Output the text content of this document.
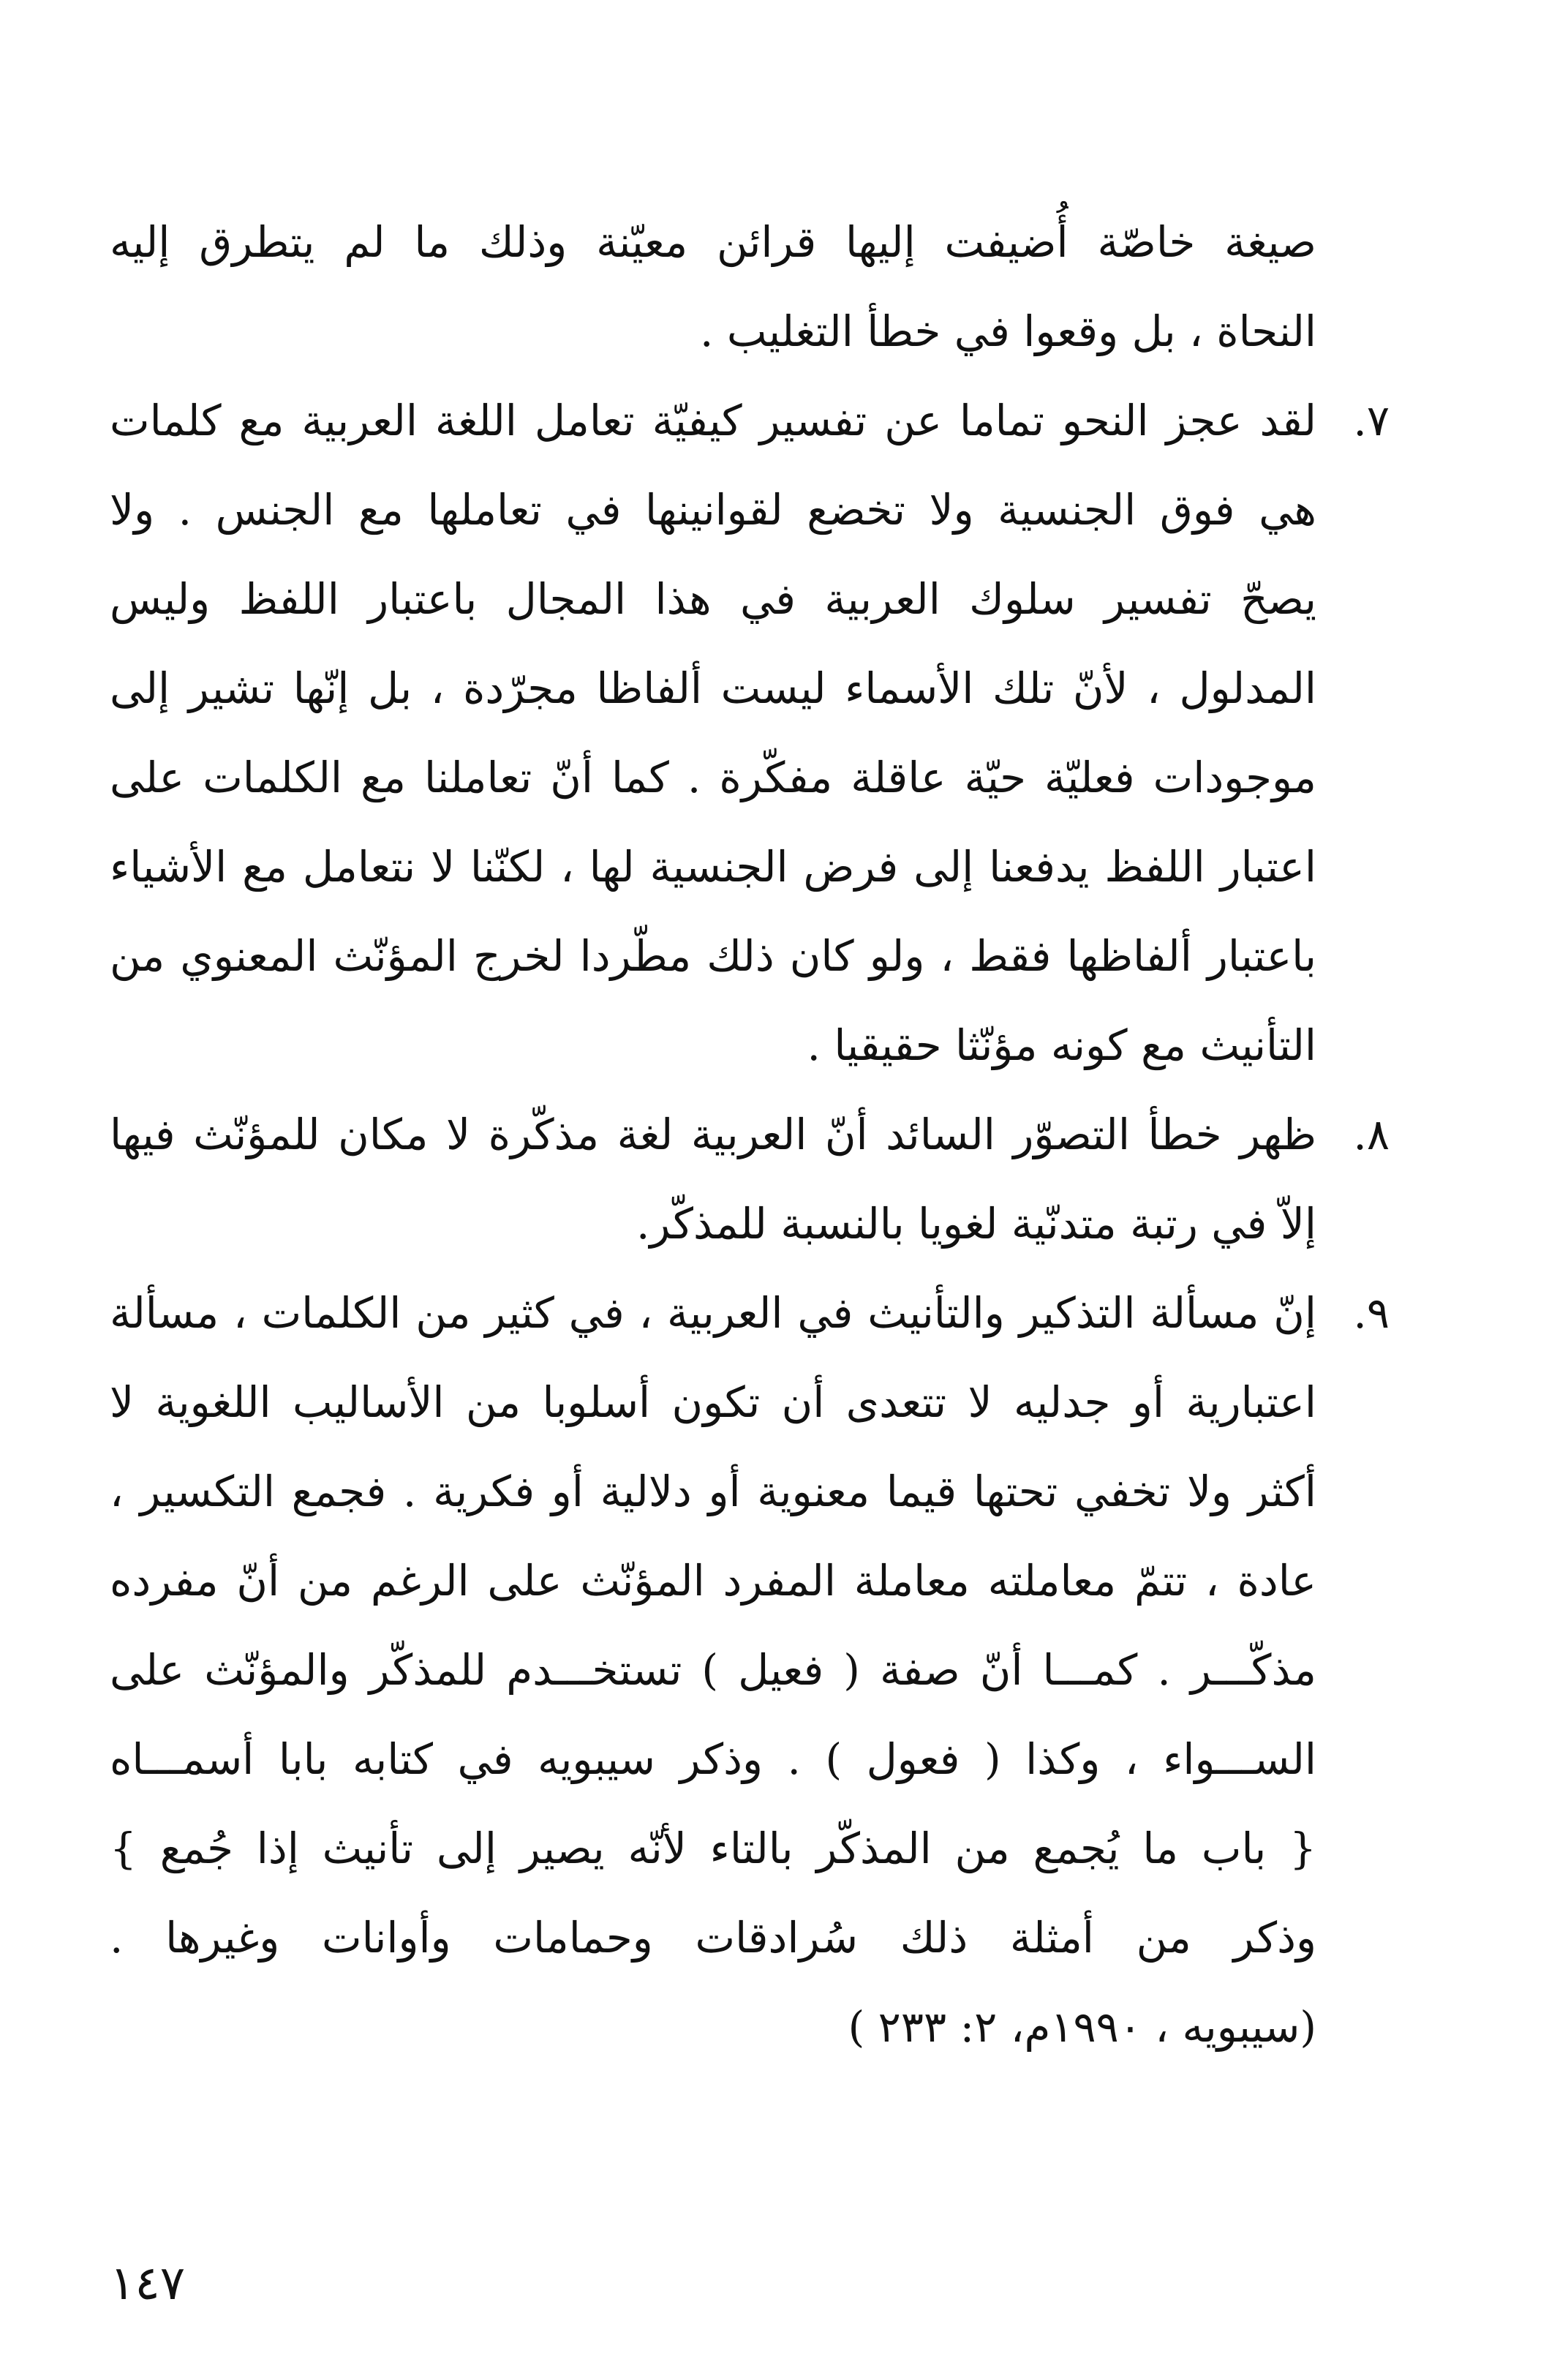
صيغة خاصّة أُضيفت إليها قرائن معيّنة وذلك ما لم يتطرق إليه
النحاة ، بل وقعوا في خطأ التغليب .
٧.
لقد عجز النحو تماما عن تفسير كيفيّة تعامل اللغة العربية مع كلمات
هي فوق الجنسية ولا تخضع لقوانينها في تعاملها مع الجنس . ولا
يصحّ تفسير سلوك العربية في هذا المجال باعتبار اللفظ وليس
المدلول ، لأنّ تلك الأسماء ليست ألفاظا مجرّدة ، بل إنّها تشير إلى
موجودات فعليّة حيّة عاقلة مفكّرة . كما أنّ تعاملنا مع الكلمات على
اعتبار اللفظ يدفعنا إلى فرض الجنسية لها ، لكنّنا لا نتعامل مع الأشياء
باعتبار ألفاظها فقط ، ولو كان ذلك مطّردا لخرج المؤنّث المعنوي من
التأنيث مع كونه مؤنّثا حقيقيا .
٨.
ظهر خطأ التصوّر السائد أنّ العربية لغة مذكّرة لا مكان للمؤنّث فيها
إلاّ في رتبة متدنّية لغويا بالنسبة للمذكّر.
٩.
إنّ مسألة التذكير والتأنيث في العربية ، في كثير من الكلمات ، مسألة
اعتبارية أو جدليه لا تتعدى أن تكون أسلوبا من الأساليب اللغوية لا
أكثر ولا تخفي تحتها قيما معنوية أو دلالية أو فكرية . فجمع التكسير ،
عادة ، تتمّ معاملته معاملة المفرد المؤنّث على الرغم من أنّ مفرده
مذكّـــر . كمـــا أنّ صفة ( فعيل ) تستخـــدم للمذكّر والمؤنّث على
الســـواء ، وكذا ( فعول ) . وذكر سيبويه في كتابه بابا أسمـــاه
{ باب ما يُجمع من المذكّر بالتاء لأنّه يصير إلى تأنيث إذا جُمع }
وذكر من أمثلة ذلك سُرادقات وحمامات وأوانات وغيرها .
(سيبويه ، ١٩٩٠م، ٢: ٢٣٣ )
١٤٧
